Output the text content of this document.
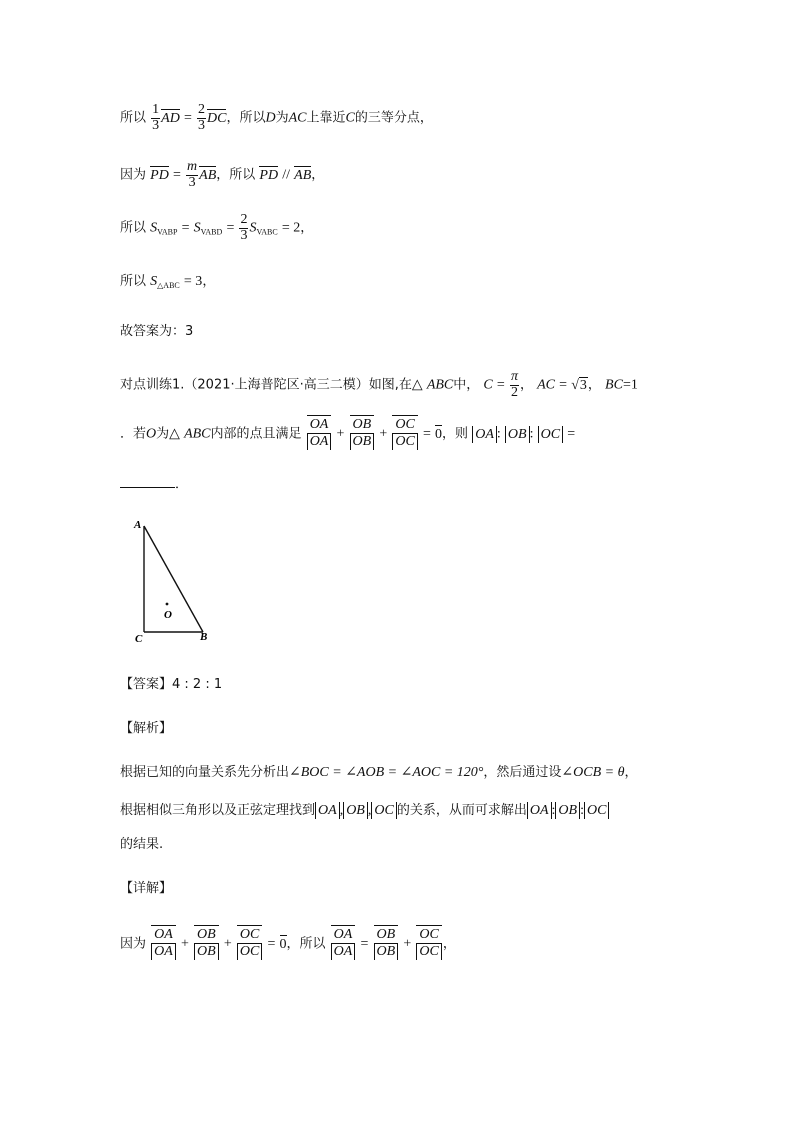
所以 $\frac{1}{3}$ AD = $\frac{2}{3}$ DC，所以D为AC上靠近C的三等分点，
因为 PD = $\frac{m}{3}$ AB，所以 PD // AB，
所以 $S_{VABP} = S_{VABD} = \frac{2}{3} S_{VABC} = 2$，
所以 $S_{\triangle ABC} = 3$，
故答案为：3
对点训练1.（2021·上海普陀区·高三二模）如图,在△ ABC中， $C = \frac{\pi}{2}$ ， AC = √3， BC=1
．若O为△ ABC内部的点且满足 $\frac{OA}{OA} + \frac{OB}{OB} + \frac{OC}{OC} = 0$，则 OA : OB : OC =
．
A
C	B
O
【答案】4 : 2 : 1
【解析】
根据已知的向量关系先分析出∠BOC = ∠AOB = ∠AOC = 120°，然后通过设∠OCB = θ，
根据相似三角形以及正弦定理找到 OA , OB , OC 的关系，从而可求解出 OA : OB : OC
的结果.
【详解】
因为 $\frac{OA}{OA} + \frac{OB}{OB} + \frac{OC}{OC} = 0$，所以 $\frac{OA}{OA} = \frac{OB}{OB} + \frac{OC}{OC}$ ，
